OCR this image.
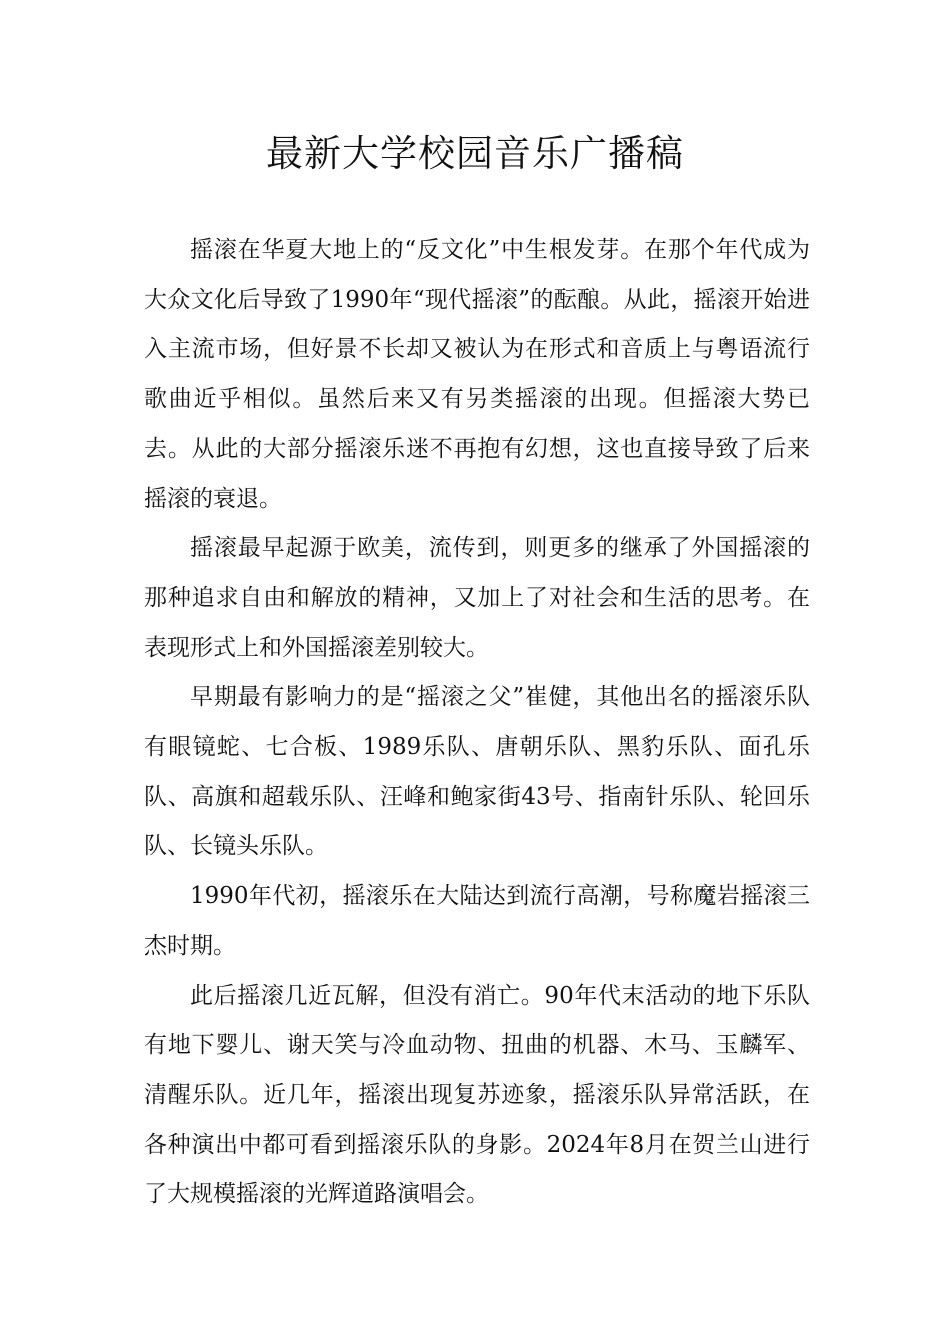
最新大学校园音乐广播稿

摇滚在华夏大地上的“反文化”中生根发芽。在那个年代成为大众文化后导致了1990年“现代摇滚”的酝酿。从此，摇滚开始进入主流市场，但好景不长却又被认为在形式和音质上与粤语流行歌曲近乎相似。虽然后来又有另类摇滚的出现。但摇滚大势已去。从此的大部分摇滚乐迷不再抱有幻想，这也直接导致了后来摇滚的衰退。

摇滚最早起源于欧美，流传到，则更多的继承了外国摇滚的那种追求自由和解放的精神，又加上了对社会和生活的思考。在表现形式上和外国摇滚差别较大。

早期最有影响力的是“摇滚之父”崔健，其他出名的摇滚乐队有眼镜蛇、七合板、1989乐队、唐朝乐队、黑豹乐队、面孔乐队、高旗和超载乐队、汪峰和鲍家街43号、指南针乐队、轮回乐队、长镜头乐队。

1990年代初，摇滚乐在大陆达到流行高潮，号称魔岩摇滚三杰时期。

此后摇滚几近瓦解，但没有消亡。90年代末活动的地下乐队有地下婴儿、谢天笑与冷血动物、扭曲的机器、木马、玉麟军、清醒乐队。近几年，摇滚出现复苏迹象，摇滚乐队异常活跃，在各种演出中都可看到摇滚乐队的身影。2024年8月在贺兰山进行了大规模摇滚的光辉道路演唱会。
